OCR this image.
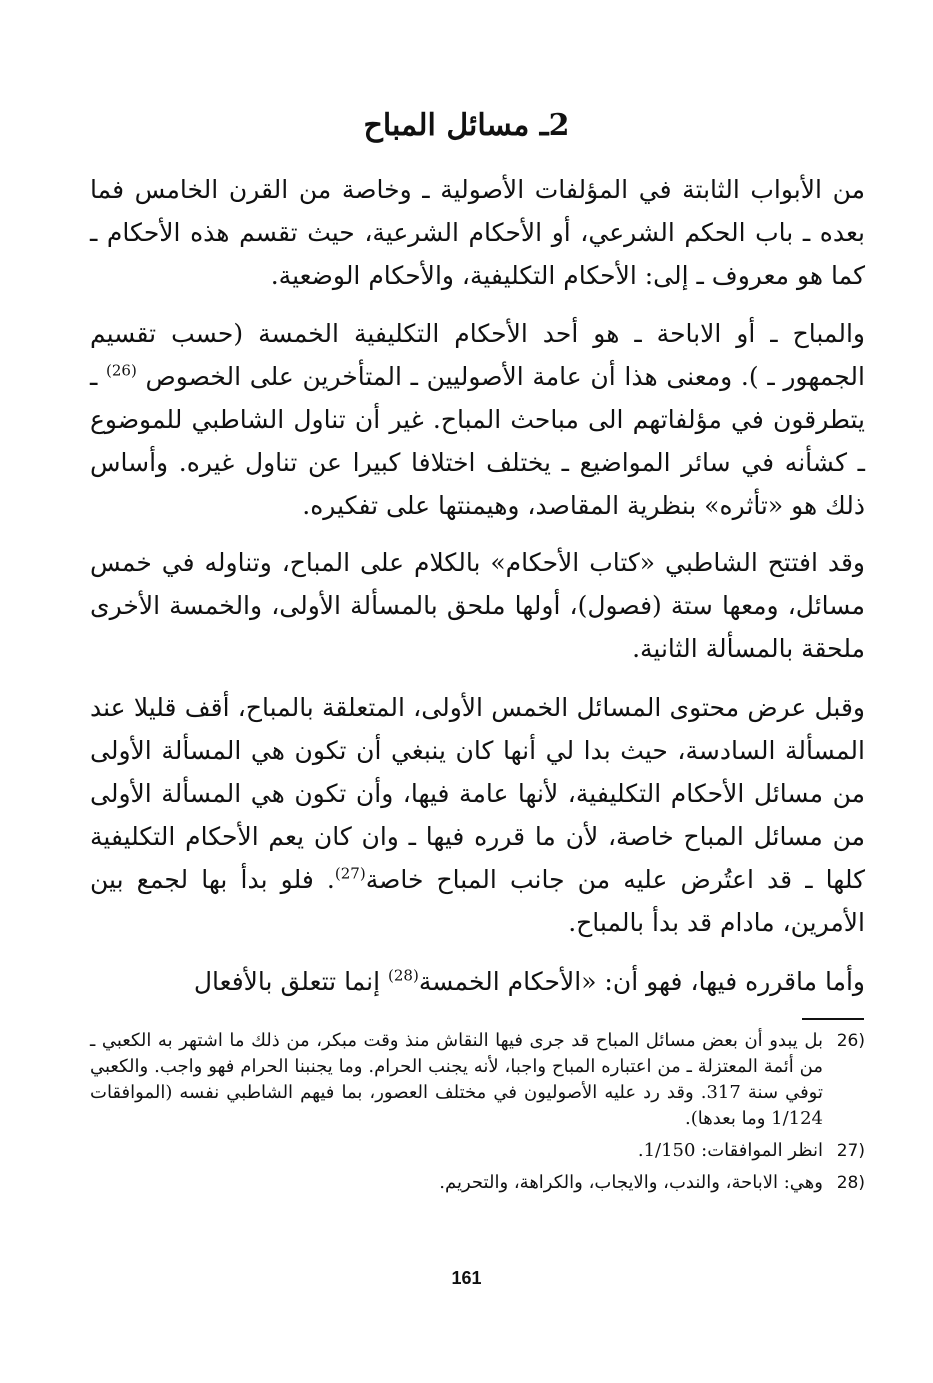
2ـ مسائل المباح
من الأبواب الثابتة في المؤلفات الأصولية ـ وخاصة من القرن الخامس فما بعده ـ باب الحكم الشرعي، أو الأحكام الشرعية، حيث تقسم هذه الأحكام ـ كما هو معروف ـ إلى: الأحكام التكليفية، والأحكام الوضعية.
والمباح ـ أو الاباحة ـ هو أحد الأحكام التكليفية الخمسة (حسب تقسيم الجمهور ـ ). ومعنى هذا أن عامة الأصوليين ـ المتأخرين على الخصوص $^{(26)}$ ـ يتطرقون في مؤلفاتهم الى مباحث المباح. غير أن تناول الشاطبي للموضوع ـ كشأنه في سائر المواضيع ـ يختلف اختلافا كبيرا عن تناول غيره. وأساس ذلك هو «تأثره» بنظرية المقاصد، وهيمنتها على تفكيره.
وقد افتتح الشاطبي «كتاب الأحكام» بالكلام على المباح، وتناوله في خمس مسائل، ومعها ستة (فصول)، أولها ملحق بالمسألة الأولى، والخمسة الأخرى ملحقة بالمسألة الثانية.
وقبل عرض محتوى المسائل الخمس الأولى، المتعلقة بالمباح، أقف قليلا عند المسألة السادسة، حيث بدا لي أنها كان ينبغي أن تكون هي المسألة الأولى من مسائل الأحكام التكليفية، لأنها عامة فيها، وأن تكون هي المسألة الأولى من مسائل المباح خاصة، لأن ما قرره فيها ـ وان كان يعم الأحكام التكليفية كلها ـ قد اعتُرض عليه من جانب المباح خاصة$^{(27)}$. فلو بدأ بها لجمع بين الأمرين، مادام قد بدأ بالمباح.
وأما ماقرره فيها، فهو أن: «الأحكام الخمسة$^{(28)}$ إنما تتعلق بالأفعال
26)
بل يبدو أن بعض مسائل المباح قد جرى فيها النقاش منذ وقت مبكر، من ذلك ما اشتهر به الكعبي ـ من أئمة المعتزلة ـ من اعتباره المباح واجبا، لأنه يجنب الحرام. وما يجنبنا الحرام فهو واجب. والكعبي توفي سنة 317. وقد رد عليه الأصوليون في مختلف العصور، بما فيهم الشاطبي نفسه (الموافقات 1/124 وما بعدها).
27)
انظر الموافقات: 1/150.
28)
وهي: الاباحة، والندب، والايجاب، والكراهة، والتحريم.
161
